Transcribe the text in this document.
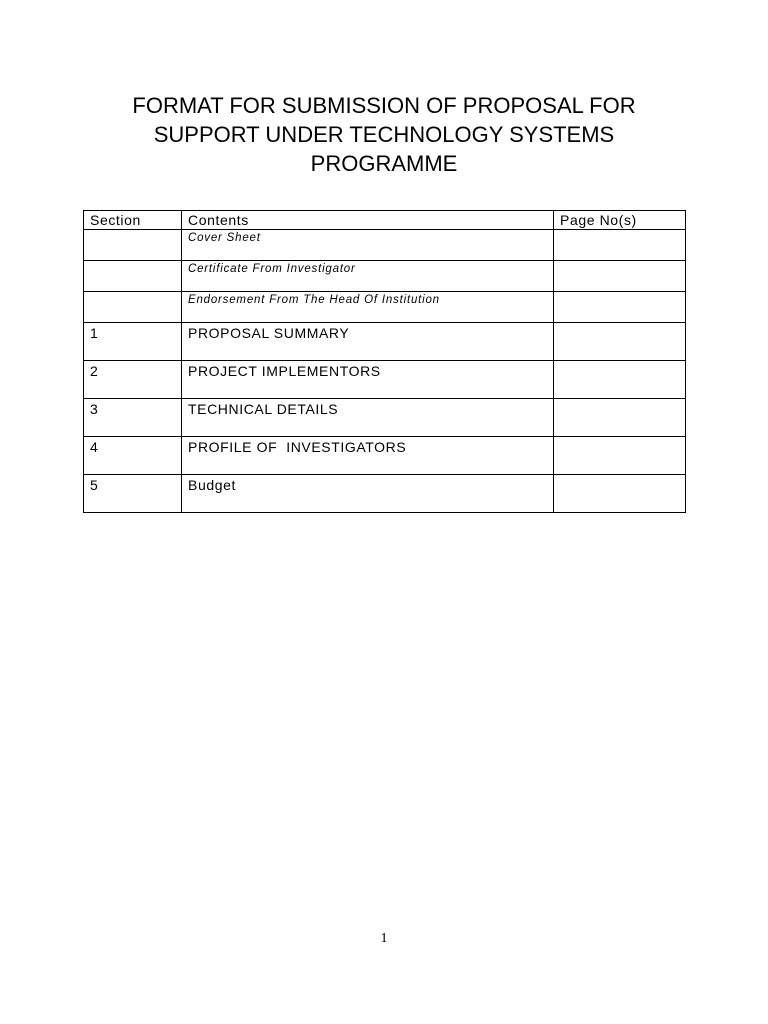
FORMAT FOR SUBMISSION OF PROPOSAL FOR
SUPPORT UNDER TECHNOLOGY SYSTEMS
PROGRAMME
Section	Contents	Page No(s)
	Cover Sheet	
	Certificate From Investigator	
	Endorsement From The Head Of Institution	
1	PROPOSAL SUMMARY	
2	PROJECT IMPLEMENTORS	
3	TECHNICAL DETAILS	
4	PROFILE OF  INVESTIGATORS	
5	Budget	
1
